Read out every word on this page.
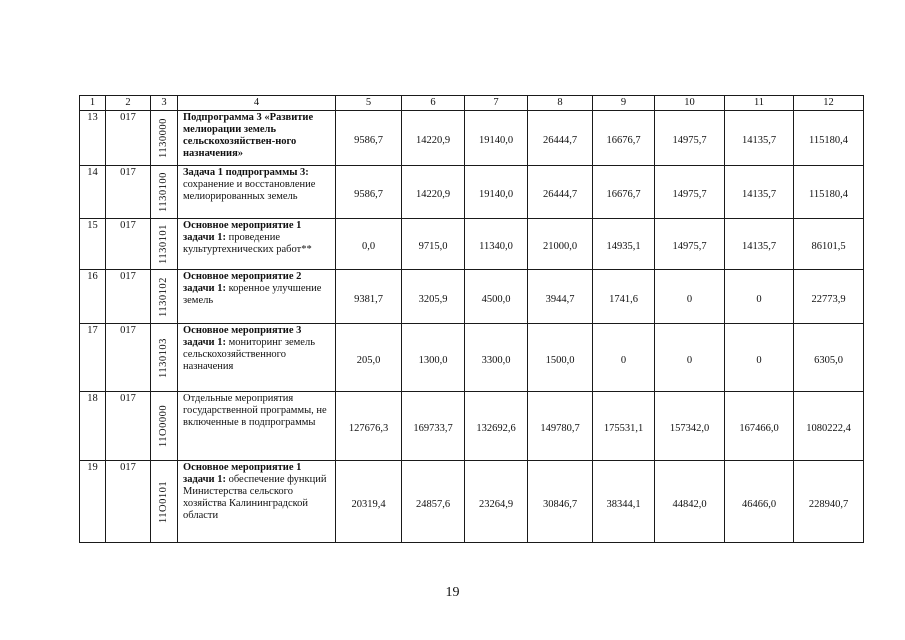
1	2	3	4	5	6	7	8	9	10	11	12
13	017	1130000	Подпрограмма 3 «Развитие мелиорации земель сельскохозяйствен-ного назначения»	9586,7	14220,9	19140,0	26444,7	16676,7	14975,7	14135,7	115180,4
14	017	1130100	Задача 1 подпрограммы 3: сохранение и восстановление мелиорированных земель	9586,7	14220,9	19140,0	26444,7	16676,7	14975,7	14135,7	115180,4
15	017	1130101	Основное мероприятие 1 задачи 1: проведение культуртехнических работ**	0,0	9715,0	11340,0	21000,0	14935,1	14975,7	14135,7	86101,5
16	017	1130102	Основное мероприятие 2 задачи 1: коренное улучшение земель	9381,7	3205,9	4500,0	3944,7	1741,6	0	0	22773,9
17	017	1130103	Основное мероприятие 3 задачи 1: мониторинг земель сельскохозяйственного назначения	205,0	1300,0	3300,0	1500,0	0	0	0	6305,0
18	017	11О0000	Отдельные мероприятия государственной программы, не включенные в подпрограммы	127676,3	169733,7	132692,6	149780,7	175531,1	157342,0	167466,0	1080222,4
19	017	11О0101	Основное мероприятие 1 задачи 1: обеспечение функций Министерства сельского хозяйства Калининградской области	20319,4	24857,6	23264,9	30846,7	38344,1	44842,0	46466,0	228940,7
19
